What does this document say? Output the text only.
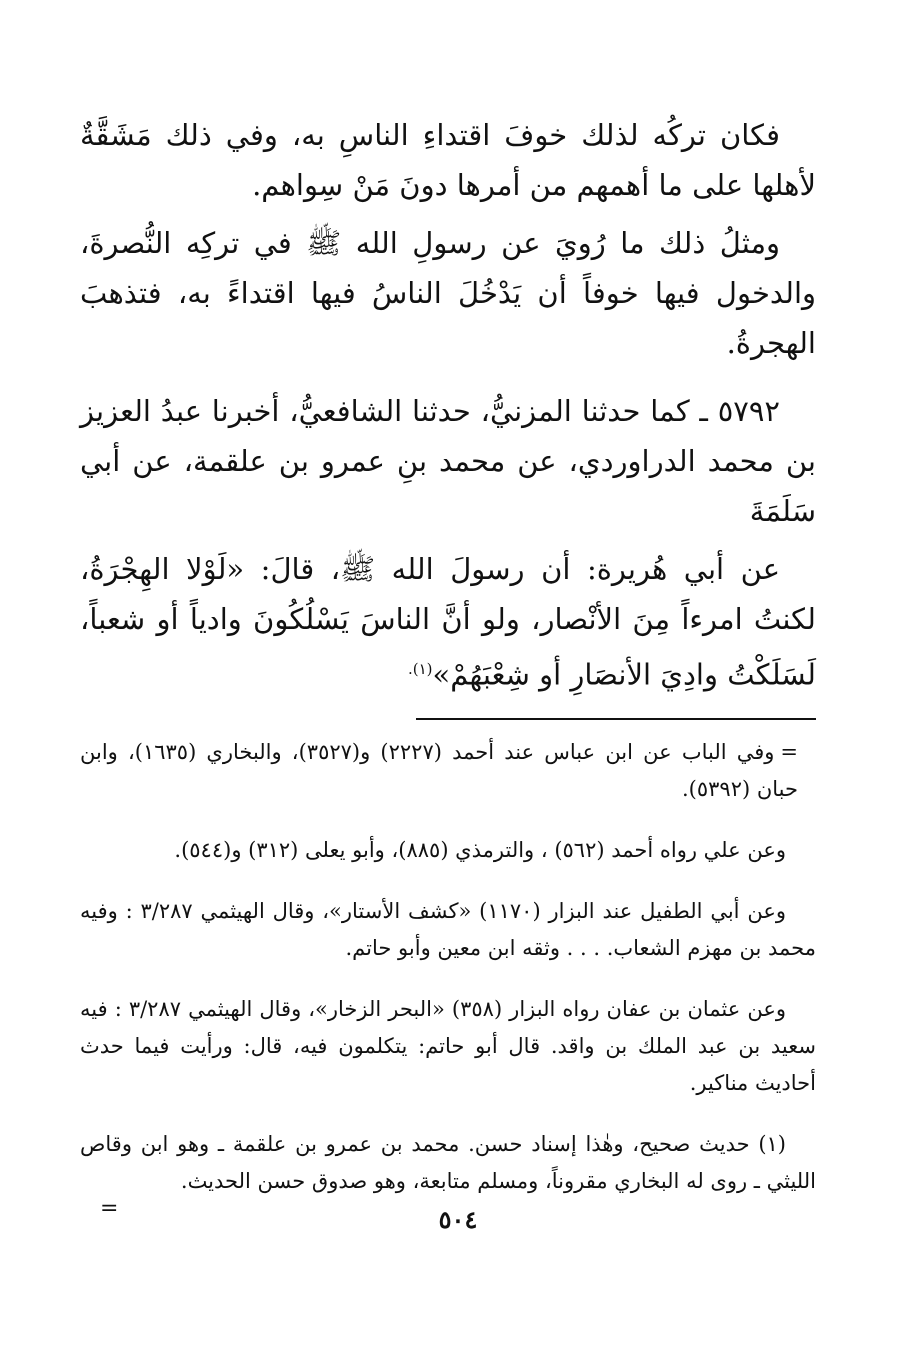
فكان تركُه لذلك خوفَ اقتداءِ الناسِ به، وفي ذلك مَشَقَّةٌ لأهلها على ما أهمهم من أمرها دونَ مَنْ سِواهم.

ومثلُ ذلك ما رُويَ عن رسولِ الله ﷺ في تركِه النُّصرةَ، والدخول فيها خوفاً أن يَدْخُلَ الناسُ فيها اقتداءً به، فتذهبَ الهجرةُ.

٥٧٩٢ ـ كما حدثنا المزنيُّ، حدثنا الشافعيُّ، أخبرنا عبدُ العزيز بن محمد الدراوردي، عن محمد بنِ عمرو بن علقمة، عن أبي سَلَمَةَ

عن أبي هُريرة: أن رسولَ الله ﷺ، قالَ: «لَوْلا الهِجْرَةُ، لكنتُ امرءاً مِنَ الأنْصار، ولو أنَّ الناسَ يَسْلُكُونَ وادياً أو شعباً، لَسَلَكْتُ وادِيَ الأنصَارِ أو شِعْبَهُمْ»$^{(١).}$

=وفي الباب عن ابن عباس عند أحمد (٢٢٢٧) و(٣٥٢٧)، والبخاري (١٦٣٥)، وابن حبان (٥٣٩٢).

وعن علي رواه أحمد (٥٦٢) ، والترمذي (٨٨٥)، وأبو يعلى (٣١٢) و(٥٤٤).

وعن أبي الطفيل عند البزار (١١٧٠) «كشف الأستار»، وقال الهيثمي ٣/٢٨٧ : وفيه محمد بن مهزم الشعاب. . . . وثقه ابن معين وأبو حاتم.

وعن عثمان بن عفان رواه البزار (٣٥٨) «البحر الزخار»، وقال الهيثمي ٣/٢٨٧ : فيه سعيد بن عبد الملك بن واقد. قال أبو حاتم: يتكلمون فيه، قال: ورأيت فيما حدث أحاديث مناكير.

(١) حديث صحيح، وهٰذا إسناد حسن. محمد بن عمرو بن علقمة ـ وهو ابن وقاص الليثي ـ روى له البخاري مقروناً، ومسلم متابعة، وهو صدوق حسن الحديث.

=	٥٠٤
